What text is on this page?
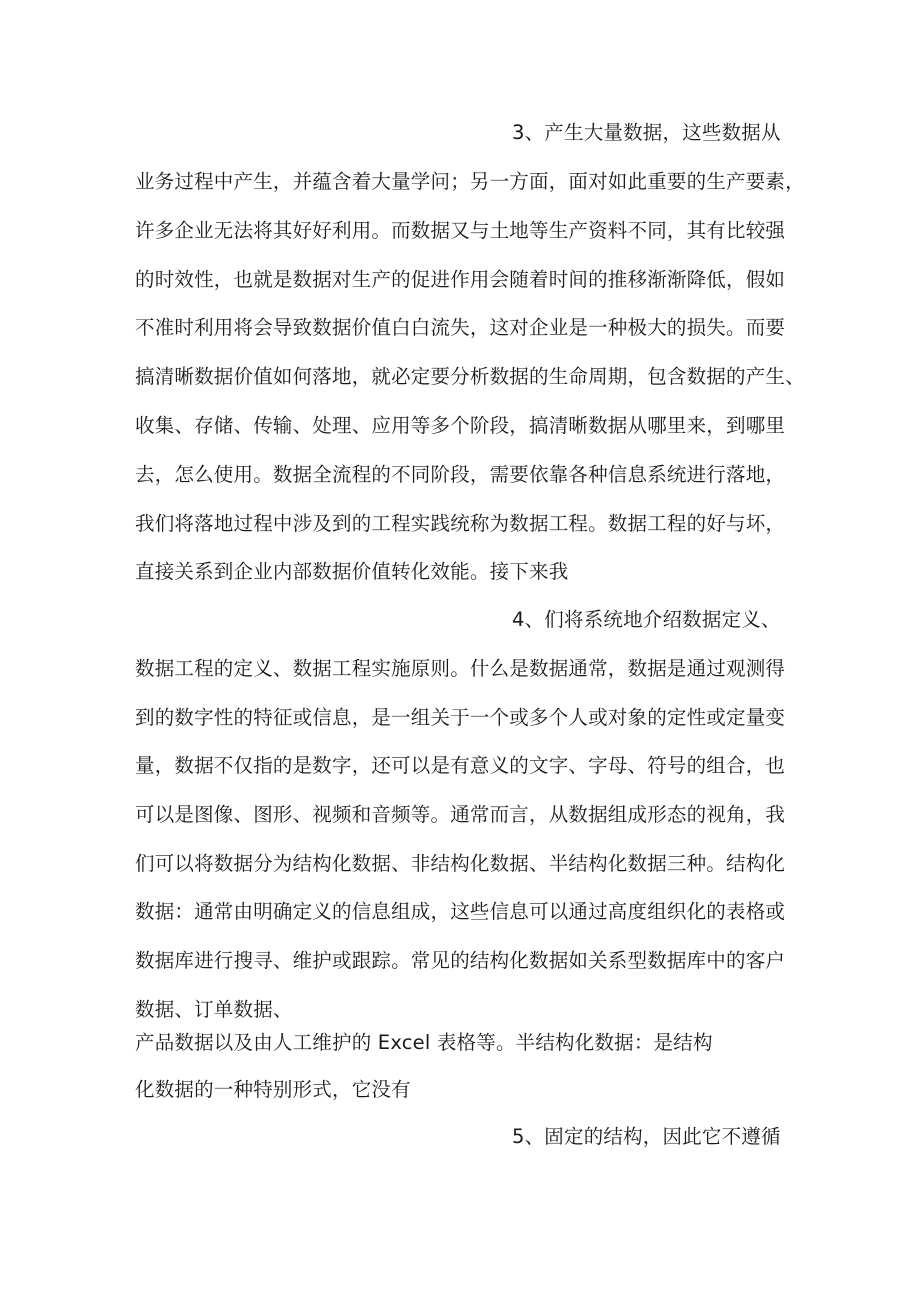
3、产生大量数据，这些数据从
业务过程中产生，并蕴含着大量学问；另一方面，面对如此重要的生产要素，
许多企业无法将其好好利用。而数据又与土地等生产资料不同，其有比较强
的时效性，也就是数据对生产的促进作用会随着时间的推移渐渐降低，假如
不准时利用将会导致数据价值白白流失，这对企业是一种极大的损失。而要
搞清晰数据价值如何落地，就必定要分析数据的生命周期，包含数据的产生、
收集、存储、传输、处理、应用等多个阶段，搞清晰数据从哪里来，到哪里
去，怎么使用。数据全流程的不同阶段，需要依靠各种信息系统进行落地，
我们将落地过程中涉及到的工程实践统称为数据工程。数据工程的好与坏，
直接关系到企业内部数据价值转化效能。接下来我
4、们将系统地介绍数据定义、
数据工程的定义、数据工程实施原则。什么是数据通常，数据是通过观测得
到的数字性的特征或信息，是一组关于一个或多个人或对象的定性或定量变
量，数据不仅指的是数字，还可以是有意义的文字、字母、符号的组合，也
可以是图像、图形、视频和音频等。通常而言，从数据组成形态的视角，我
们可以将数据分为结构化数据、非结构化数据、半结构化数据三种。结构化
数据：通常由明确定义的信息组成，这些信息可以通过高度组织化的表格或
数据库进行搜寻、维护或跟踪。常见的结构化数据如关系型数据库中的客户
数据、订单数据、
产品数据以及由人工维护的 Excel 表格等。半结构化数据：是结构
化数据的一种特别形式，它没有
5、固定的结构，因此它不遵循
